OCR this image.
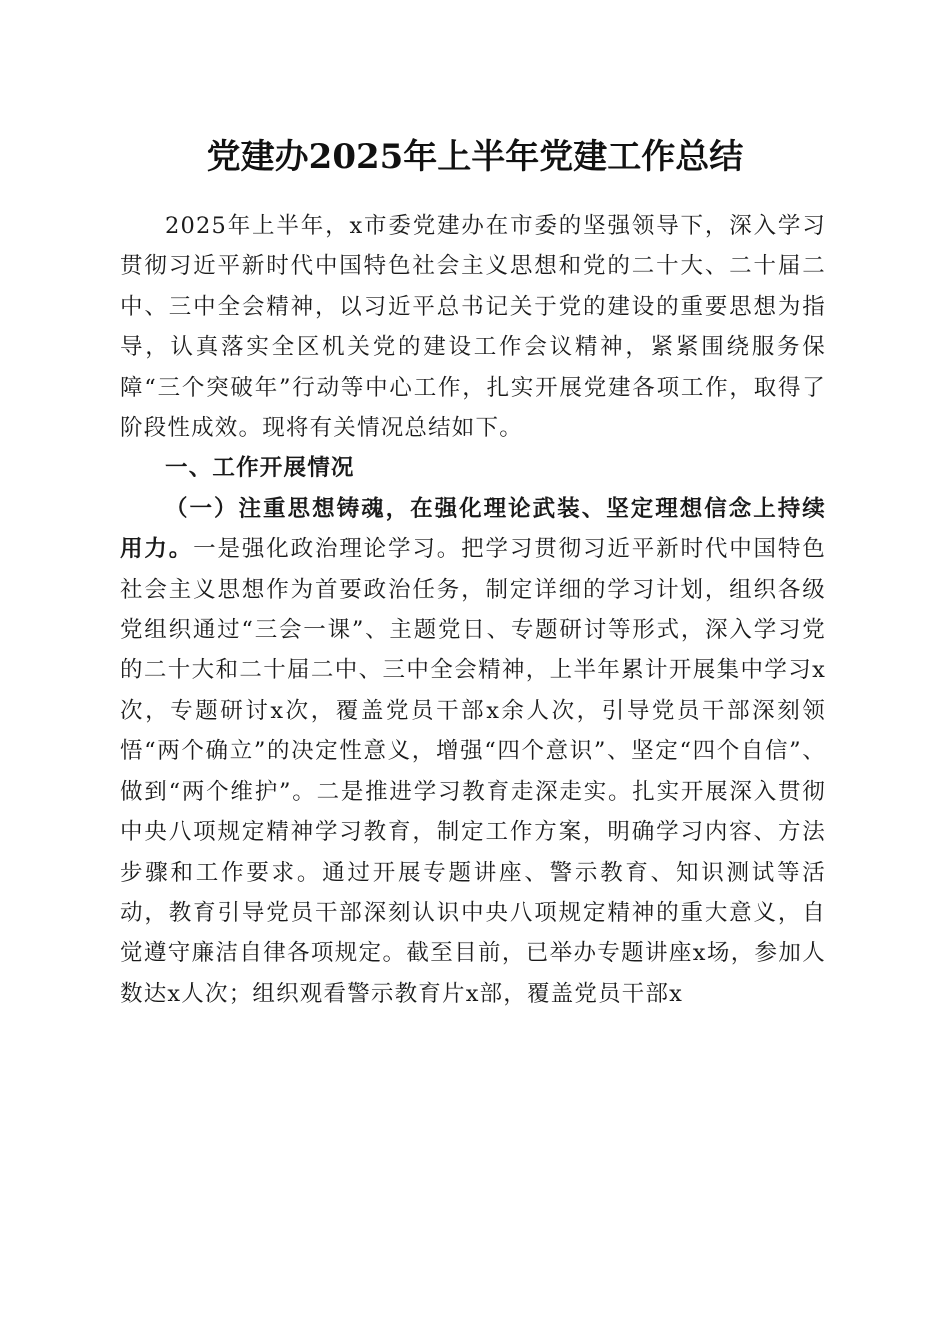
党建办2025年上半年党建工作总结

2025年上半年，x市委党建办在市委的坚强领导下，深入学习贯彻习近平新时代中国特色社会主义思想和党的二十大、二十届二中、三中全会精神，以习近平总书记关于党的建设的重要思想为指导，认真落实全区机关党的建设工作会议精神，紧紧围绕服务保障“三个突破年”行动等中心工作，扎实开展党建各项工作，取得了阶段性成效。现将有关情况总结如下。

一、工作开展情况

（一）注重思想铸魂，在强化理论武装、坚定理想信念上持续用力。一是强化政治理论学习。把学习贯彻习近平新时代中国特色社会主义思想作为首要政治任务，制定详细的学习计划，组织各级党组织通过“三会一课”、主题党日、专题研讨等形式，深入学习党的二十大和二十届二中、三中全会精神，上半年累计开展集中学习x次，专题研讨x次，覆盖党员干部x余人次，引导党员干部深刻领悟“两个确立”的决定性意义，增强“四个意识”、坚定“四个自信”、做到“两个维护”。二是推进学习教育走深走实。扎实开展深入贯彻中央八项规定精神学习教育，制定工作方案，明确学习内容、方法步骤和工作要求。通过开展专题讲座、警示教育、知识测试等活动，教育引导党员干部深刻认识中央八项规定精神的重大意义，自觉遵守廉洁自律各项规定。截至目前，已举办专题讲座x场，参加人数达x人次；组织观看警示教育片x部，覆盖党员干部x
